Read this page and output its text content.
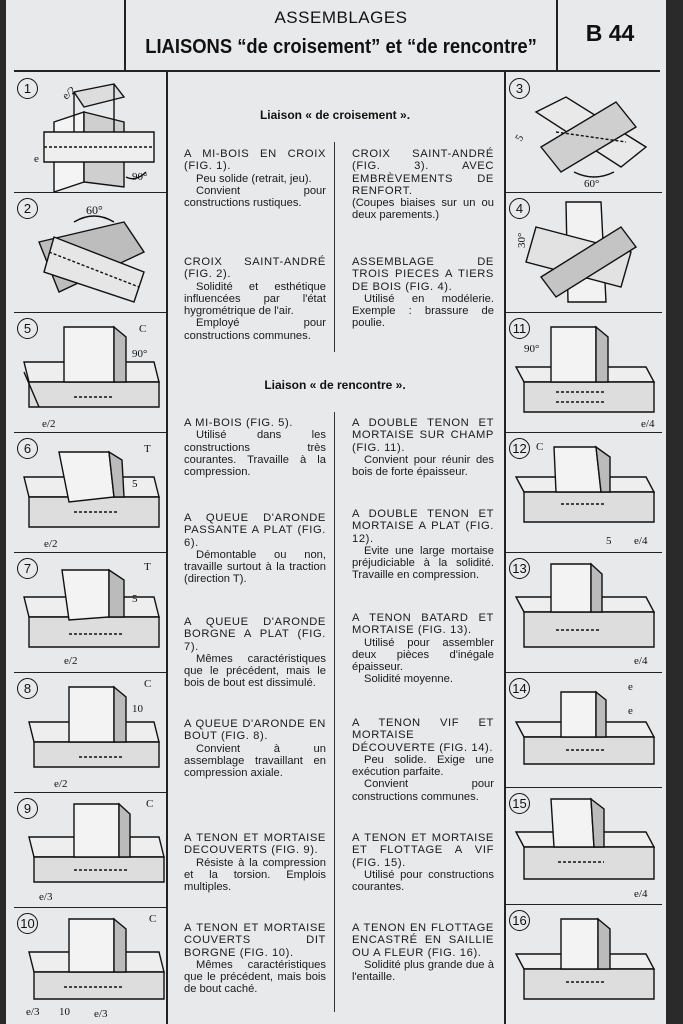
ASSEMBLAGES
LIAISONS “de croisement” et “de rencontre”
B 44
e/2
90°
e
1
60°
2
C
90°
e/2
5
T
5
e/2
6
T
5
e/2
7
C
10
e/2
8
C
e/3
9
C
e/3 10 e/3
10
Liaison « de croisement ».
A MI-BOIS EN CROIX (FIG. 1).
Peu solide (retrait, jeu).
Convient pour constructions rustiques.
CROIX SAINT-ANDRÉ (FIG. 2).
Solidité et esthétique influencées par l'état hygrométrique de l'air.
Employé pour constructions communes.
CROIX SAINT-ANDRÉ (FIG. 3). AVEC EMBRÈVEMENTS DE RENFORT.
(Coupes biaises sur un ou deux parements.)
ASSEMBLAGE DE TROIS PIECES A TIERS DE BOIS (FIG. 4).
Utilisé en modélerie. Exemple : brassure de poulie.
Liaison « de rencontre ».
A MI-BOIS (FIG. 5).
Utilisé dans les constructions très courantes. Travaille à la compression.
A QUEUE D'ARONDE PASSANTE A PLAT (FIG. 6).
Démontable ou non, travaille surtout à la traction (direction T).
A QUEUE D'ARONDE BORGNE A PLAT (FIG. 7).
Mêmes caractéristiques que le précédent, mais le bois de bout est dissimulé.
A QUEUE D'ARONDE EN BOUT (FIG. 8).
Convient à un assemblage travaillant en compression axiale.
A TENON ET MORTAISE DECOUVERTS (FIG. 9).
Résiste à la compression et la torsion. Emplois multiples.
A TENON ET MORTAISE COUVERTS DIT BORGNE (FIG. 10).
Mêmes caractéristiques que le précédent, mais bois de bout caché.
A DOUBLE TENON ET MORTAISE SUR CHAMP (FIG. 11).
Convient pour réunir des bois de forte épaisseur.
A DOUBLE TENON ET MORTAISE A PLAT (FIG. 12).
Evite une large mortaise préjudiciable à la solidité. Travaille en compression.
A TENON BATARD ET MORTAISE (FIG. 13).
Utilisé pour assembler deux pièces d'inégale épaisseur.
Solidité moyenne.
A TENON VIF ET MORTAISE DÉCOUVERTE (FIG. 14).
Peu solide. Exige une exécution parfaite.
Convient pour constructions communes.
A TENON ET MORTAISE ET FLOTTAGE A VIF (FIG. 15).
Utilisé pour constructions courantes.
A TENON EN FLOTTAGE ENCASTRÉ EN SAILLIE OU A FLEUR (FIG. 16).
Solidité plus grande due à l'entaille.
60°
5
3
30°
4
90°
e/4
11
C
5 e/4
12
e/4
13
e
e
14
e/4
15
16
